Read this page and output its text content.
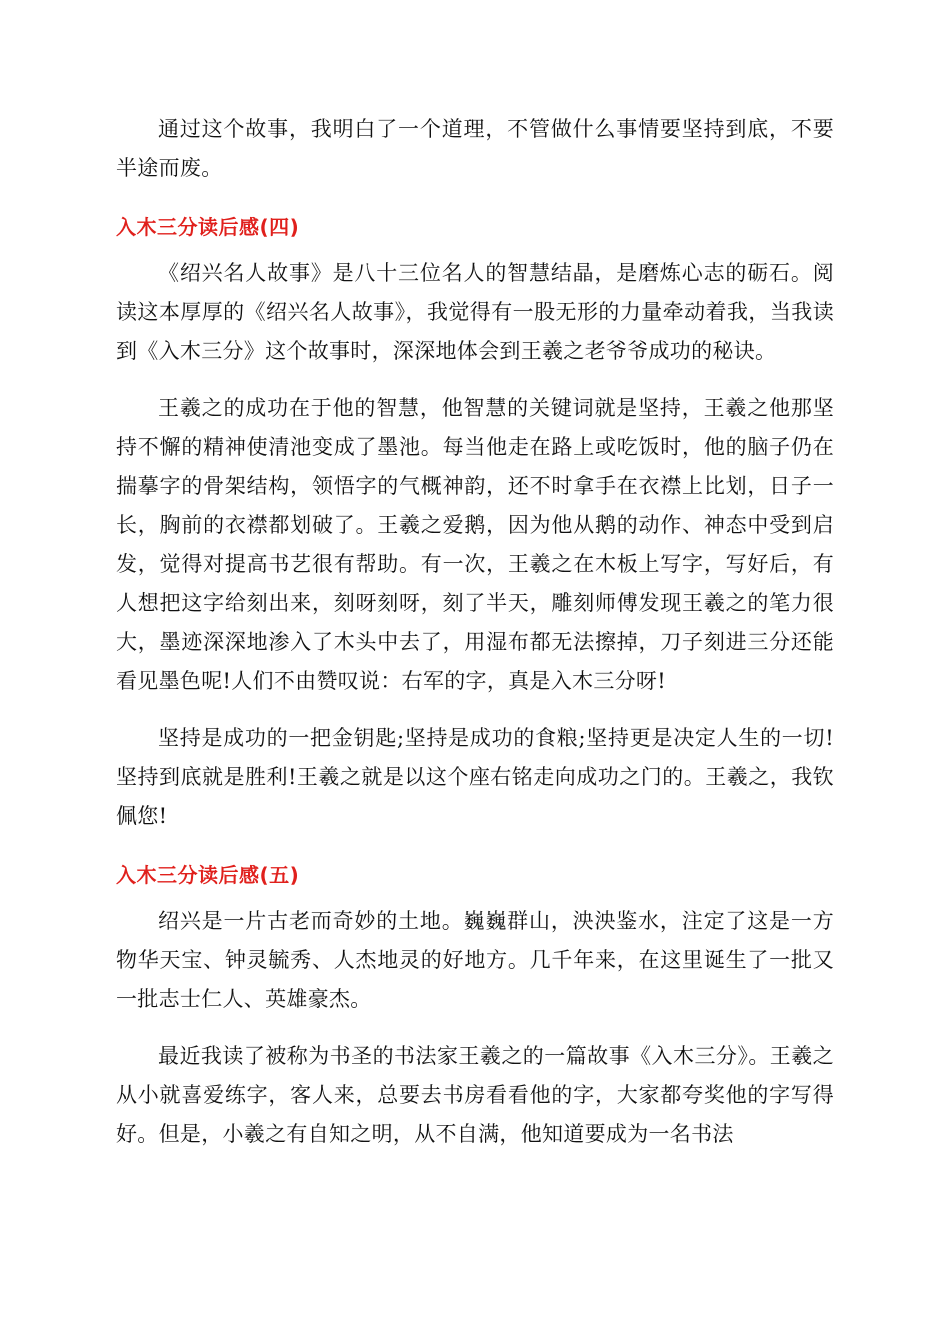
通过这个故事，我明白了一个道理，不管做什么事情要坚持到底，不要半途而废。

入木三分读后感(四)

《绍兴名人故事》是八十三位名人的智慧结晶，是磨炼心志的砺石。阅读这本厚厚的《绍兴名人故事》，我觉得有一股无形的力量牵动着我，当我读到《入木三分》这个故事时，深深地体会到王羲之老爷爷成功的秘诀。

王羲之的成功在于他的智慧，他智慧的关键词就是坚持，王羲之他那坚持不懈的精神使清池变成了墨池。每当他走在路上或吃饭时，他的脑子仍在揣摹字的骨架结构，领悟字的气概神韵，还不时拿手在衣襟上比划，日子一长，胸前的衣襟都划破了。王羲之爱鹅，因为他从鹅的动作、神态中受到启发，觉得对提高书艺很有帮助。有一次，王羲之在木板上写字，写好后，有人想把这字给刻出来，刻呀刻呀，刻了半天，雕刻师傅发现王羲之的笔力很大，墨迹深深地渗入了木头中去了，用湿布都无法擦掉，刀子刻进三分还能看见墨色呢!人们不由赞叹说：右军的字，真是入木三分呀!

坚持是成功的一把金钥匙;坚持是成功的食粮;坚持更是决定人生的一切!坚持到底就是胜利!王羲之就是以这个座右铭走向成功之门的。王羲之，我钦佩您!

入木三分读后感(五)

绍兴是一片古老而奇妙的土地。巍巍群山，泱泱鉴水，注定了这是一方物华天宝、钟灵毓秀、人杰地灵的好地方。几千年来，在这里诞生了一批又一批志士仁人、英雄豪杰。

最近我读了被称为书圣的书法家王羲之的一篇故事《入木三分》。王羲之从小就喜爱练字，客人来，总要去书房看看他的字，大家都夸奖他的字写得好。但是，小羲之有自知之明，从不自满，他知道要成为一名书法
